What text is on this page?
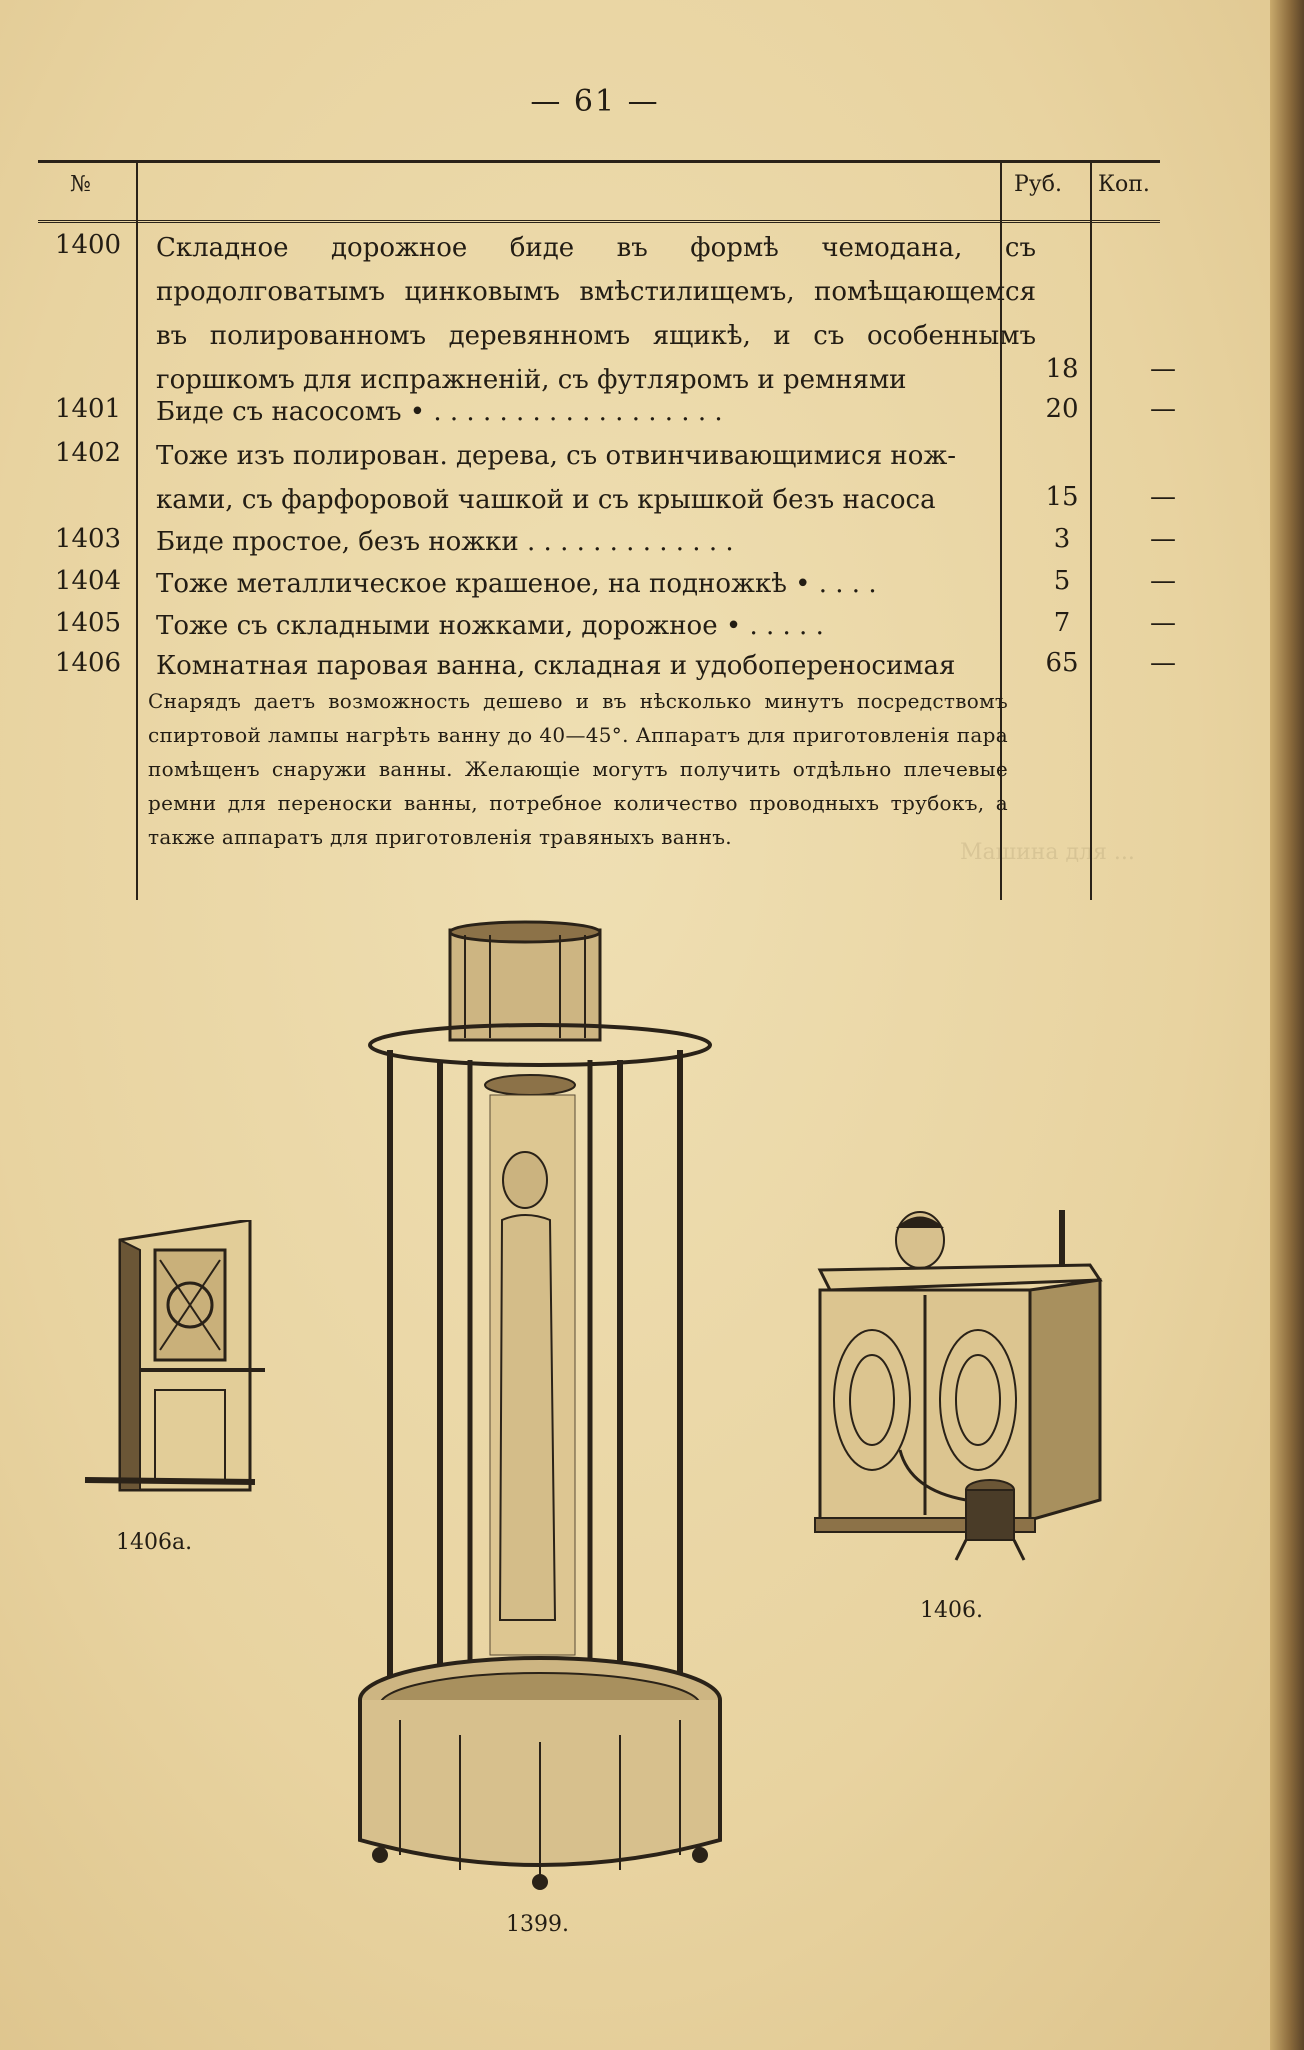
Машина для ...
— 61 —
№	Руб. Коп.
1400	Складное дорожное биде въ формѣ чемодана, съ продолговатымъ цинковымъ вмѣстилищемъ, помѣщающемся въ полированномъ деревянномъ ящикѣ, и съ особеннымъ горшкомъ для испражненій, съ футляромъ и ремнями	18	—
1401	Биде съ насосомъ • . . . . . . . . . . . . . . . . . .	20	—
1402	Тоже изъ полирован. дерева, съ отвинчивающимися нож-
ками, съ фарфоровой чашкой и съ крышкой безъ насоса	15	—
1403	Биде простое, безъ ножки . . . . . . . . . . . . .	3	—
1404	Тоже металлическое крашеное, на подножкѣ • . . . .	5	—
1405	Тоже съ складными ножками, дорожное • . . . . .	7	—
1406	Комнатная паровая ванна, складная и удобопереносимая	65	—
Снарядъ даетъ возможность дешево и въ нѣсколько минутъ посредствомъ спиртовой лампы нагрѣть ванну до 40—45°. Аппаратъ для приготовленія пара помѣщенъ снаружи ванны. Желающіе могутъ получить отдѣльно плечевые ремни для переноски ванны, потребное количество проводныхъ трубокъ, а также аппаратъ для приготовленія травяныхъ ваннъ.
1406a.
1399.
1406.
